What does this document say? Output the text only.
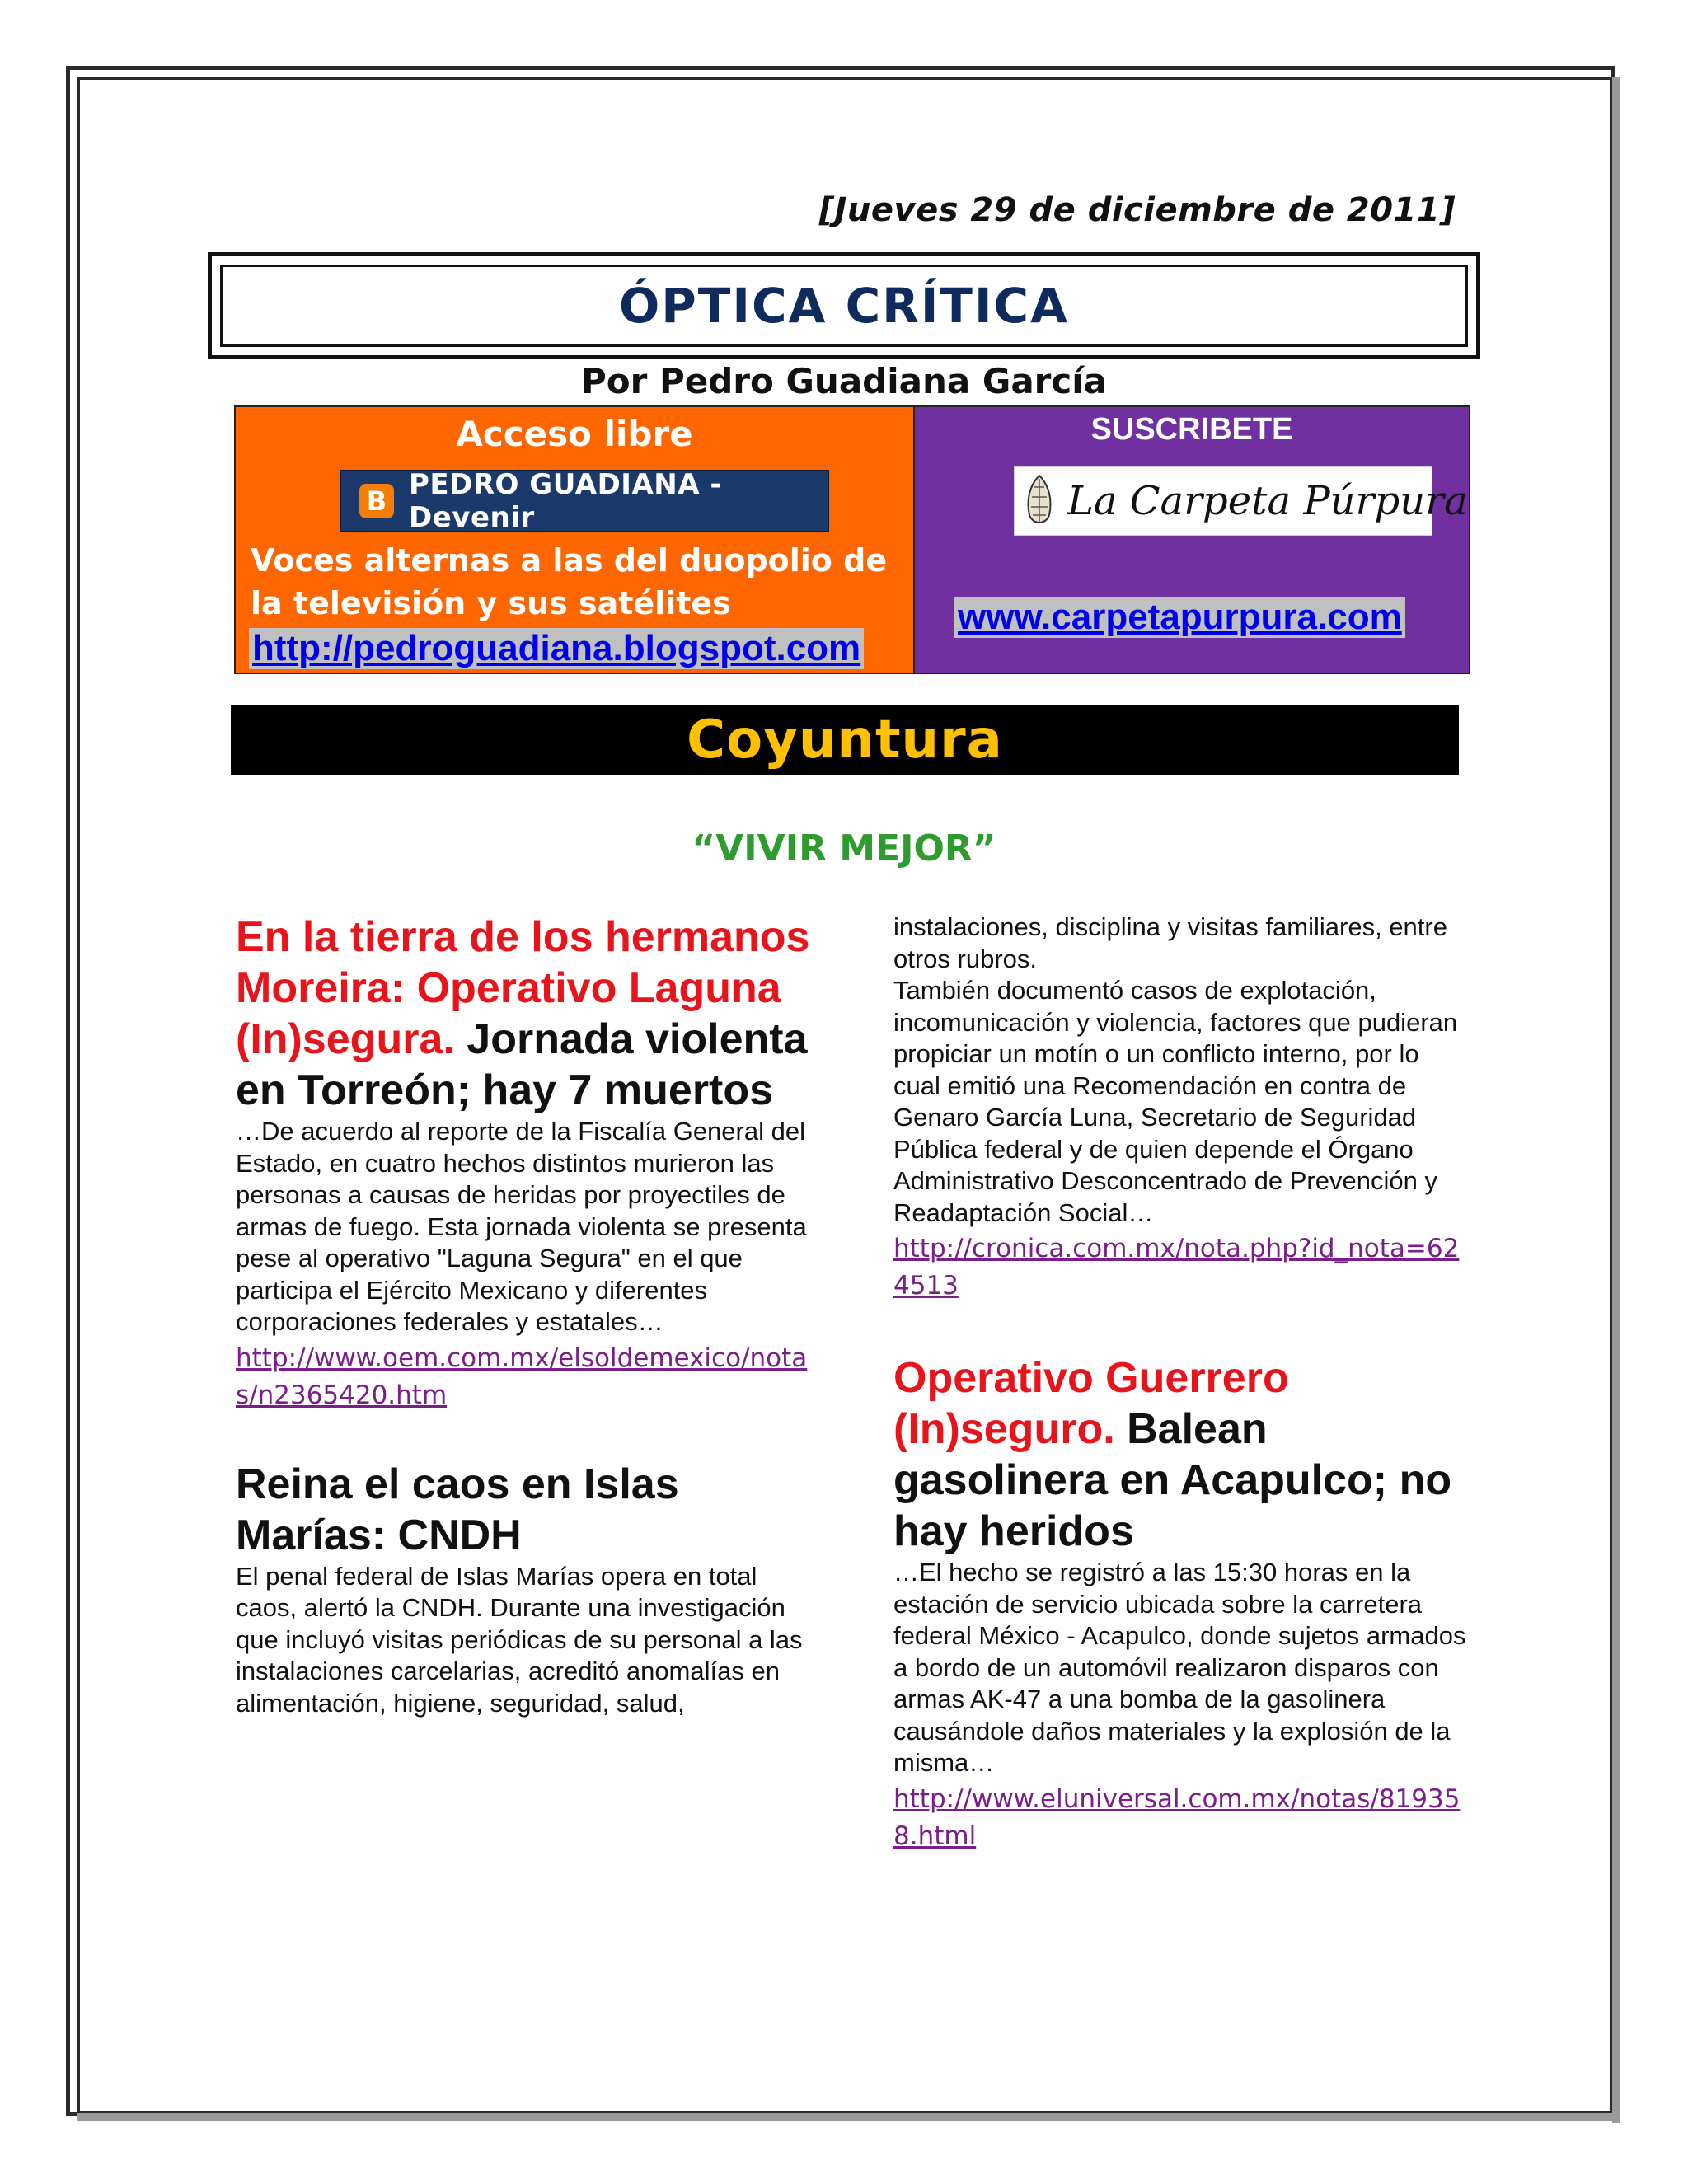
[Jueves 29 de diciembre de 2011]
ÓPTICA CRÍTICA
Por Pedro Guadiana García
Acceso libre
B PEDRO GUADIANA - Devenir
Voces alternas a las del duopolio de la televisión y sus satélites
http://pedroguadiana.blogspot.com
SUSCRIBETE
La Carpeta Púrpura
www.carpetapurpura.com
Coyuntura
“VIVIR MEJOR”

En la tierra de los hermanos Moreira: Operativo Laguna (In)segura. Jornada violenta en Torreón; hay 7 muertos

…De acuerdo al reporte de la Fiscalía General del Estado, en cuatro hechos distintos murieron las personas a causas de heridas por proyectiles de armas de fuego. Esta jornada violenta se presenta pese al operativo "Laguna Segura" en el que participa el Ejército Mexicano y diferentes corporaciones federales y estatales…

http://www.oem.com.mx/elsoldemexico/notas/n2365420.htm

Reina el caos en Islas Marías: CNDH

El penal federal de Islas Marías opera en total caos, alertó la CNDH. Durante una investigación que incluyó visitas periódicas de su personal a las instalaciones carcelarias, acreditó anomalías en alimentación, higiene, seguridad, salud,

instalaciones, disciplina y visitas familiares, entre otros rubros.

También documentó casos de explotación, incomunicación y violencia, factores que pudieran propiciar un motín o un conflicto interno, por lo cual emitió una Recomendación en contra de Genaro García Luna, Secretario de Seguridad Pública federal y de quien depende el Órgano Administrativo Desconcentrado de Prevención y Readaptación Social…

http://cronica.com.mx/nota.php?id_nota=624513

Operativo Guerrero (In)seguro. Balean gasolinera en Acapulco; no hay heridos

…El hecho se registró a las 15:30 horas en la estación de servicio ubicada sobre la carretera federal México - Acapulco, donde sujetos armados a bordo de un automóvil realizaron disparos con armas AK-47 a una bomba de la gasolinera causándole daños materiales y la explosión de la misma…

http://www.eluniversal.com.mx/notas/819358.html
